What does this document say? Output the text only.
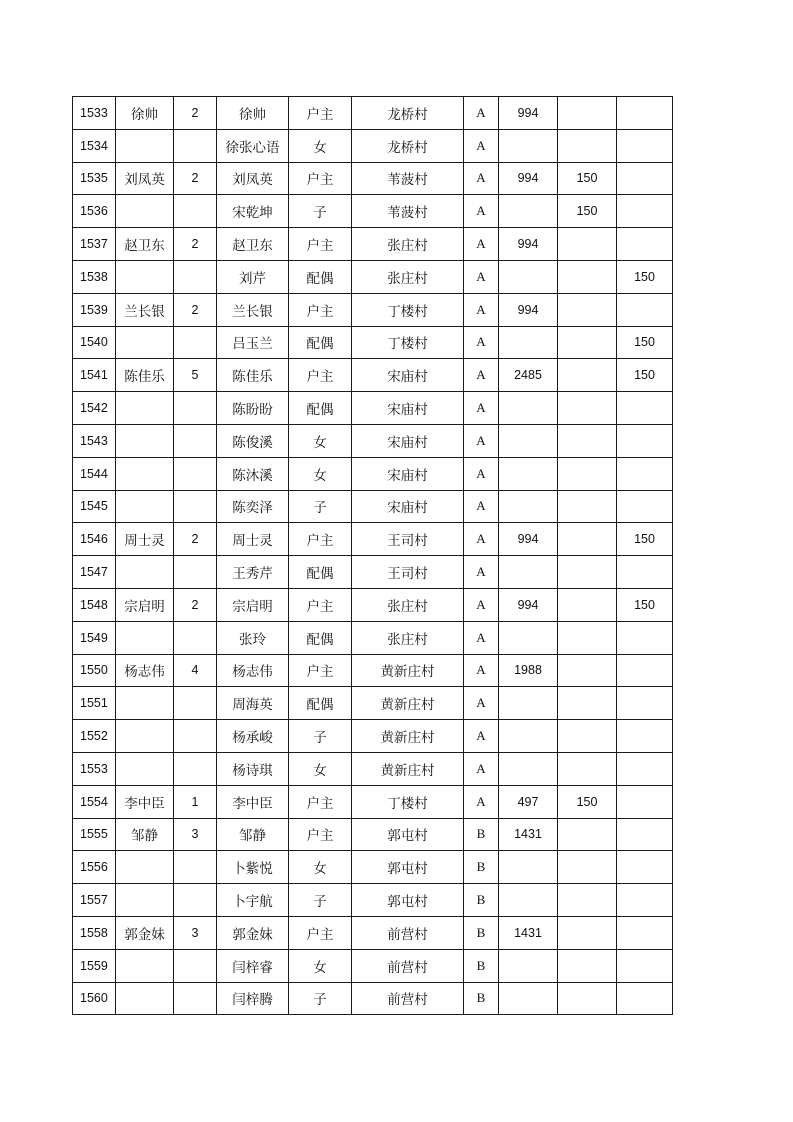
1533	徐帅	2	徐帅	户主	龙桥村	A	994		
1534			徐张心语	女	龙桥村	A			
1535	刘凤英	2	刘凤英	户主	苇菠村	A	994	150	
1536			宋乾坤	子	苇菠村	A		150	
1537	赵卫东	2	赵卫东	户主	张庄村	A	994		
1538			刘芹	配偶	张庄村	A			150
1539	兰长银	2	兰长银	户主	丁楼村	A	994		
1540			吕玉兰	配偶	丁楼村	A			150
1541	陈佳乐	5	陈佳乐	户主	宋庙村	A	2485		150
1542			陈盼盼	配偶	宋庙村	A			
1543			陈俊溪	女	宋庙村	A			
1544			陈沐溪	女	宋庙村	A			
1545			陈奕泽	子	宋庙村	A			
1546	周士灵	2	周士灵	户主	王司村	A	994		150
1547			王秀芹	配偶	王司村	A			
1548	宗启明	2	宗启明	户主	张庄村	A	994		150
1549			张玲	配偶	张庄村	A			
1550	杨志伟	4	杨志伟	户主	黄新庄村	A	1988		
1551			周海英	配偶	黄新庄村	A			
1552			杨承峻	子	黄新庄村	A			
1553			杨诗琪	女	黄新庄村	A			
1554	李中臣	1	李中臣	户主	丁楼村	A	497	150	
1555	邹静	3	邹静	户主	郭屯村	B	1431		
1556			卜紫悦	女	郭屯村	B			
1557			卜宇航	子	郭屯村	B			
1558	郭金妹	3	郭金妹	户主	前营村	B	1431		
1559			闫梓睿	女	前营村	B			
1560			闫梓腾	子	前营村	B			
